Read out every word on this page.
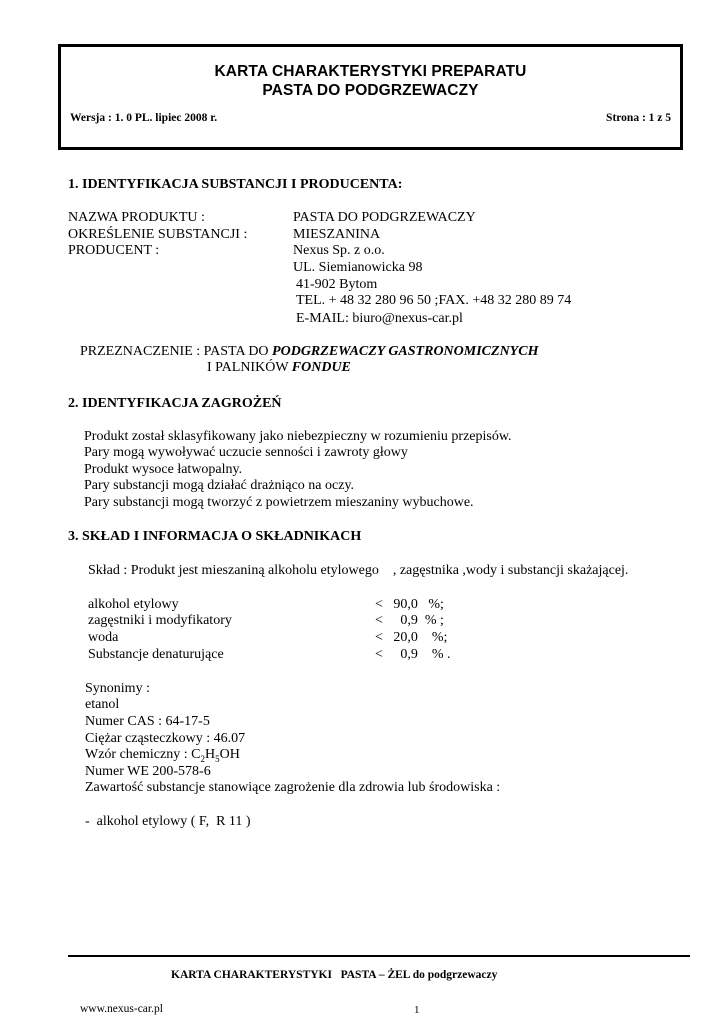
KARTA CHARAKTERYSTYKI PREPARATU
PASTA DO PODGRZEWACZY
Wersja : 1. 0 PL. lipiec 2008 r.	Strona : 1 z 5
1. IDENTYFIKACJA SUBSTANCJI I PRODUCENTA:
NAZWA PRODUKTU :	PASTA DO PODGRZEWACZY
OKREŚLENIE SUBSTANCJI :	MIESZANINA
PRODUCENT :	Nexus Sp. z o.o.
UL. Siemianowicka 98
41-902 Bytom
TEL. + 48 32 280 96 50 ;FAX. +48 32 280 89 74
E-MAIL: biuro@nexus-car.pl
PRZEZNACZENIE : PASTA DO PODGRZEWACZY GASTRONOMICZNYCH
I PALNIKÓW FONDUE
2. IDENTYFIKACJA ZAGROŻEŃ
Produkt został sklasyfikowany jako niebezpieczny w rozumieniu przepisów.
Pary mogą wywoływać uczucie senności i zawroty głowy
Produkt wysoce łatwopalny.
Pary substancji mogą działać drażniąco na oczy.
Pary substancji mogą tworzyć z powietrzem mieszaniny wybuchowe.
3. SKŁAD I INFORMACJA O SKŁADNIKACH
Skład : Produkt jest mieszaniną alkoholu etylowego    , zagęstnika ,wody i substancji skażającej.
alkohol etylowy	<   90,0   %;
zagęstniki i modyfikatory	<     0,9  % ;
woda	<   20,0    %;
Substancje denaturujące	<     0,9    % .
Synonimy :
etanol
Numer CAS : 64-17-5
Ciężar cząsteczkowy : 46.07
Wzór chemiczny : $C_2H_5OH$
Numer WE 200-578-6
Zawartość substancje stanowiące zagrożenie dla zdrowia lub środowiska :
-  alkohol etylowy ( F,  R 11 )
KARTA CHARAKTERYSTYKI   PASTA – ŻEL do podgrzewaczy
www.nexus-car.pl	1
